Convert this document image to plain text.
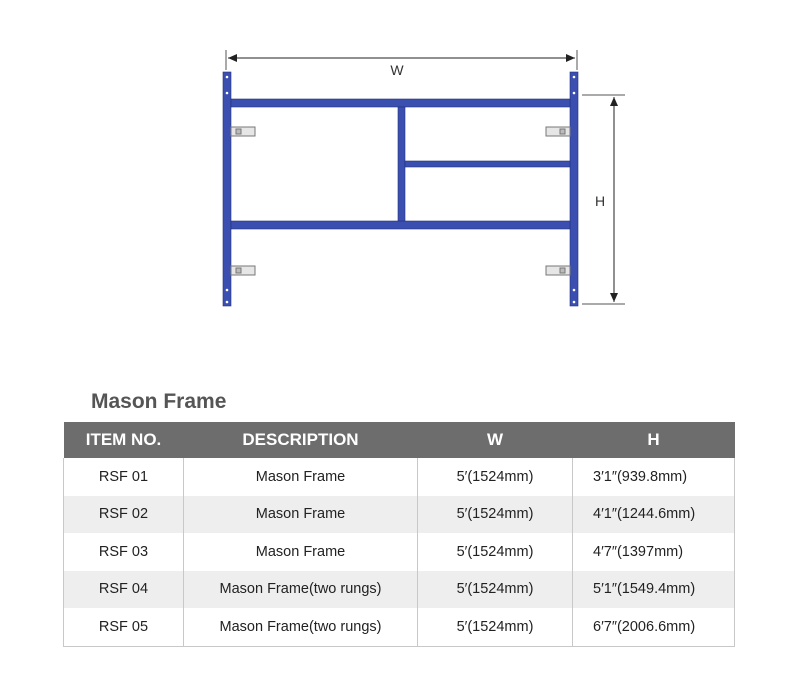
W
H
Mason Frame
ITEM NO.	DESCRIPTION	W	H
RSF 01	Mason Frame	5′(1524mm)	3′1″(939.8mm)
RSF 02	Mason Frame	5′(1524mm)	4′1″(1244.6mm)
RSF 03	Mason Frame	5′(1524mm)	4′7″(1397mm)
RSF 04	Mason Frame(two rungs)	5′(1524mm)	5′1″(1549.4mm)
RSF 05	Mason Frame(two rungs)	5′(1524mm)	6′7″(2006.6mm)
